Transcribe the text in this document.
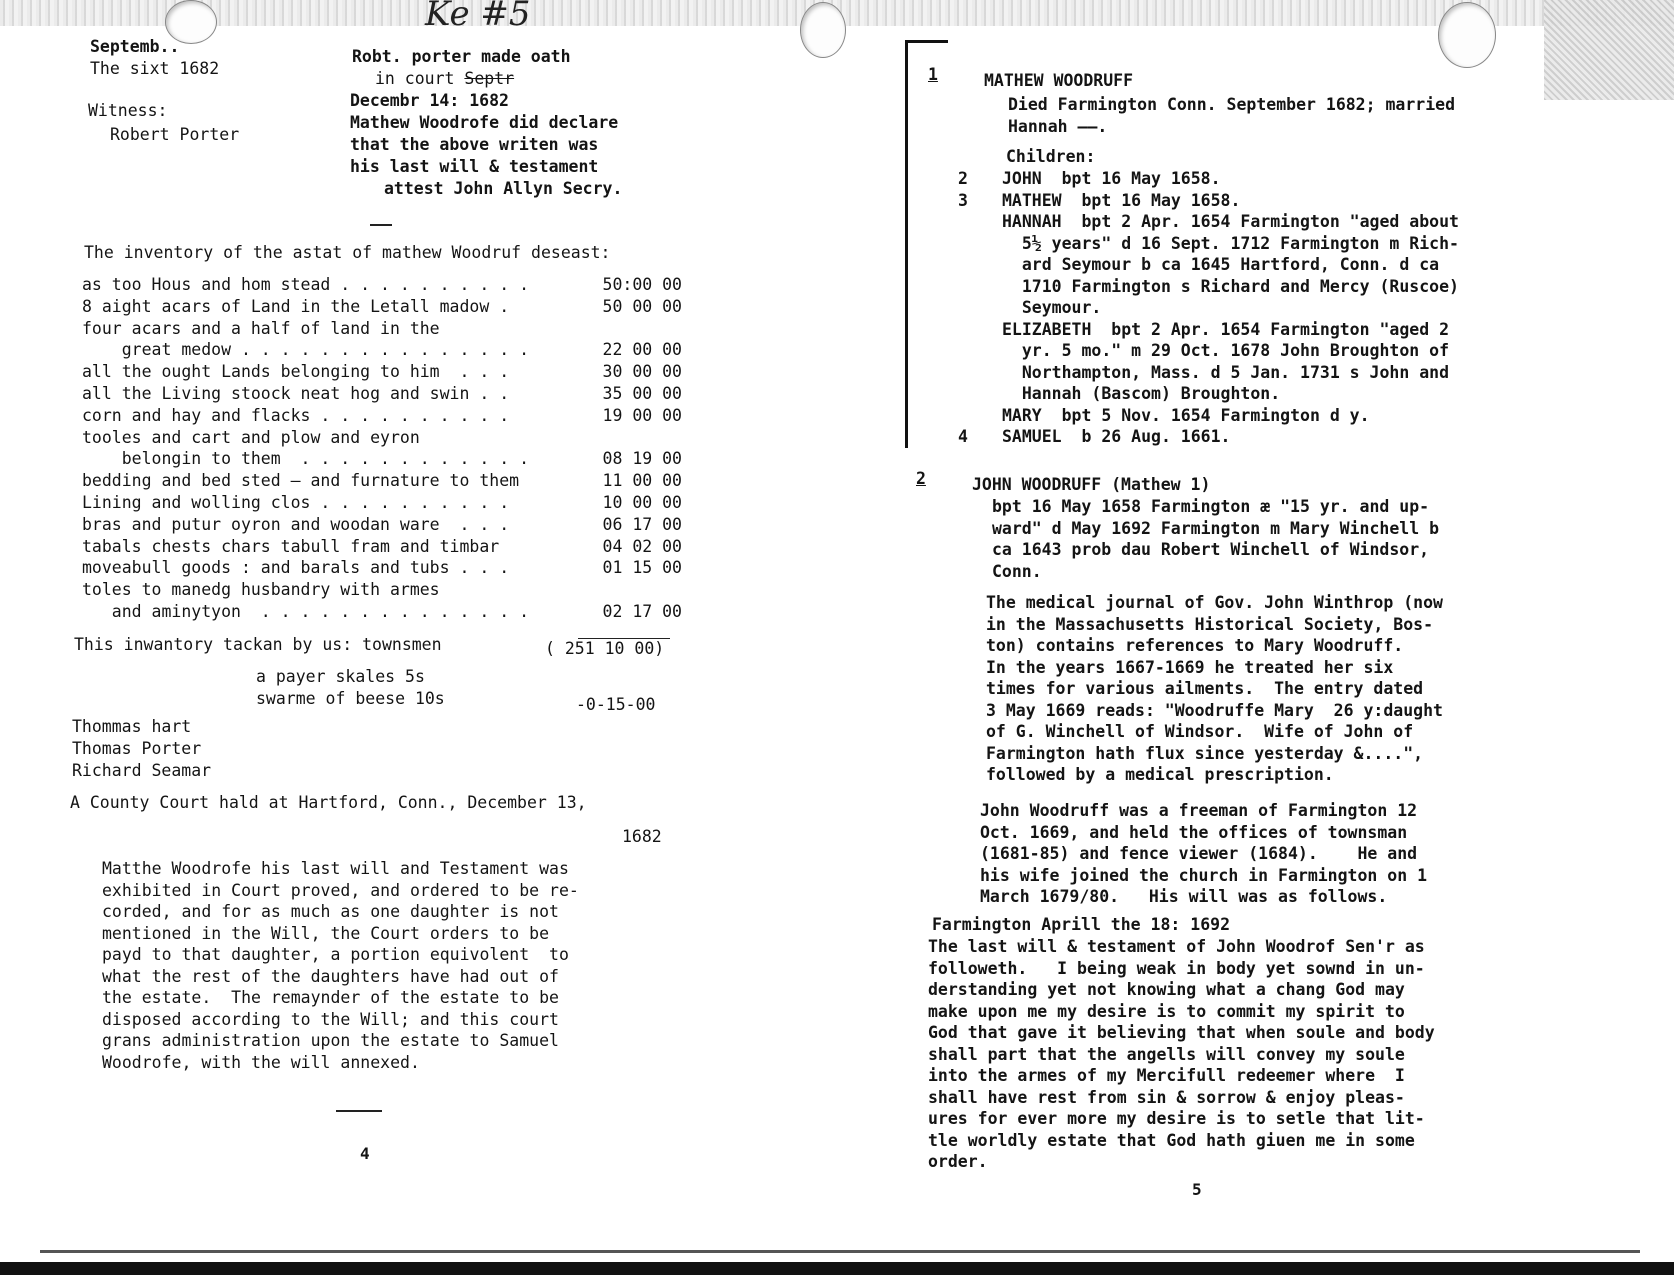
Ke #5
Septemb..
The sixt 1682
Witness:
Robert Porter
Robt. porter made oath
in court Septr
Decembr 14: 1682
Mathew Woodrofe did declare
that the above writen was
his last will & testament
attest John Allyn Secry.
The inventory of the astat of mathew Woodruf deseast:
as too Hous and hom stead . . . . . . . . . .	50:00 00
8 aight acars of Land in the Letall madow .	50 00 00
four acars and a half of land in the
great medow . . . . . . . . . . . . . . .	22 00 00
all the ought Lands belonging to him  . . .	30 00 00
all the Living stoock neat hog and swin . .	35 00 00
corn and hay and flacks . . . . . . . . . .	19 00 00
tooles and cart and plow and eyron
belongin to them  . . . . . . . . . . . .	08 19 00
bedding and bed sted — and furnature to them	11 00 00
Lining and wolling clos . . . . . . . . . .	10 00 00
bras and putur oyron and woodan ware  . . .	06 17 00
tabals chests chars tabull fram and timbar	04 02 00
moveabull goods : and barals and tubs . . .	01 15 00
toles to manedg husbandry with armes
and aminytyon  . . . . . . . . . . . . . .	02 17 00
This inwantory tackan by us: townsmen	( 251 10 00)
a payer skales 5s
swarme of beese 10s	-0-15-00
Thommas hart
Thomas Porter
Richard Seamar
A County Court hald at Hartford, Conn., December 13,
1682
Matthe Woodrofe his last will and Testament was
exhibited in Court proved, and ordered to be re-
corded, and for as much as one daughter is not
mentioned in the Will, the Court orders to be
payd to that daughter, a portion equivolent  to
what the rest of the daughters have had out of
the estate.  The remaynder of the estate to be
disposed according to the Will; and this court
grans administration upon the estate to Samuel
Woodrofe, with the will annexed.
4
1	MATHEW WOODRUFF
Died Farmington Conn. September 1682; married
Hannah ——.
Children:
2 JOHN  bpt 16 May 1658.
3 MATHEW  bpt 16 May 1658.
HANNAH  bpt 2 Apr. 1654 Farmington "aged about
5½ years" d 16 Sept. 1712 Farmington m Rich-
ard Seymour b ca 1645 Hartford, Conn. d ca
1710 Farmington s Richard and Mercy (Ruscoe)
Seymour.
ELIZABETH  bpt 2 Apr. 1654 Farmington "aged 2
yr. 5 mo." m 29 Oct. 1678 John Broughton of
Northampton, Mass. d 5 Jan. 1731 s John and
Hannah (Bascom) Broughton.
MARY  bpt 5 Nov. 1654 Farmington d y.
4 SAMUEL  b 26 Aug. 1661.
2	JOHN WOODRUFF (Mathew 1)
bpt 16 May 1658 Farmington æ "15 yr. and up-
ward" d May 1692 Farmington m Mary Winchell b
ca 1643 prob dau Robert Winchell of Windsor,
Conn.
The medical journal of Gov. John Winthrop (now
in the Massachusetts Historical Society, Bos-
ton) contains references to Mary Woodruff.
In the years 1667-1669 he treated her six
times for various ailments.  The entry dated
3 May 1669 reads: "Woodruffe Mary  26 y:daught
of G. Winchell of Windsor.  Wife of John of
Farmington hath flux since yesterday &....",
followed by a medical prescription.
John Woodruff was a freeman of Farmington 12
Oct. 1669, and held the offices of townsman
(1681-85) and fence viewer (1684).    He and
his wife joined the church in Farmington on 1
March 1679/80.   His will was as follows.
Farmington Aprill the 18: 1692
The last will & testament of John Woodrof Sen'r as
followeth.   I being weak in body yet sownd in un-
derstanding yet not knowing what a chang God may
make upon me my desire is to commit my spirit to
God that gave it believing that when soule and body
shall part that the angells will convey my soule
into the armes of my Mercifull redeemer where  I
shall have rest from sin & sorrow & enjoy pleas-
ures for ever more my desire is to setle that lit-
tle worldly estate that God hath giuen me in some
order.
5
